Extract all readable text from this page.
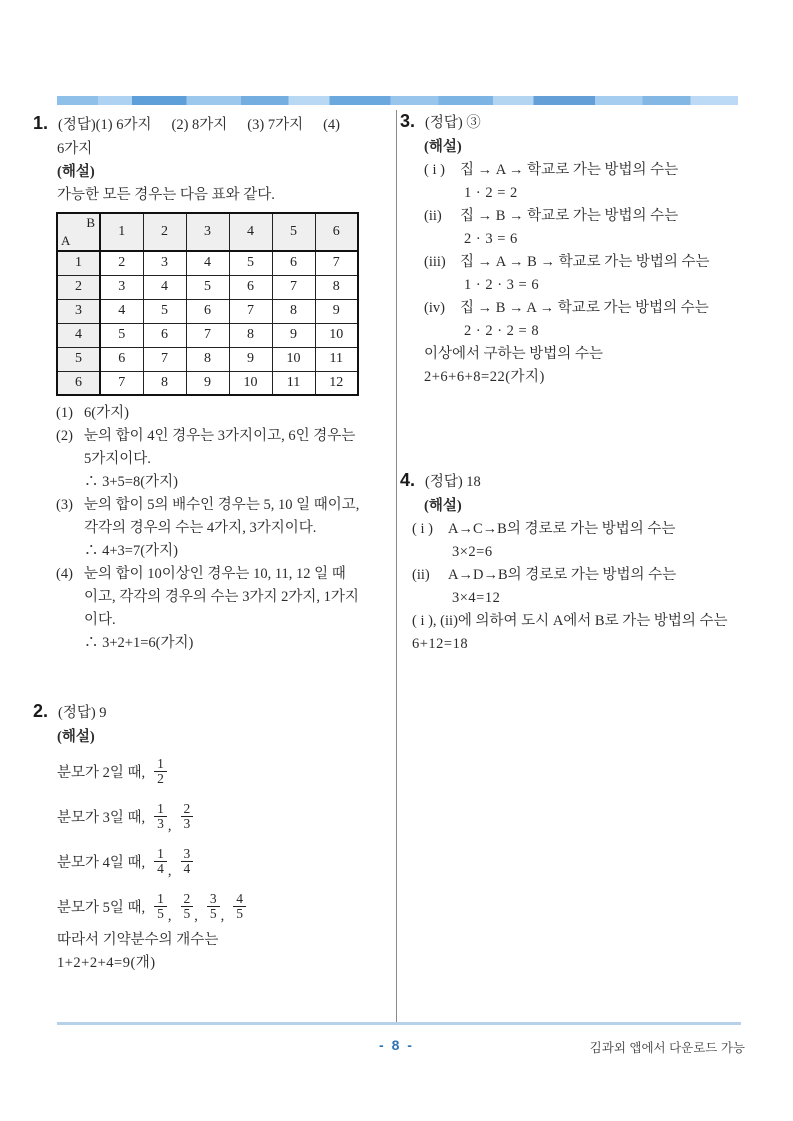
1. (정답)(1) 6가지 (2) 8가지 (3) 7가지 (4)
6가지
(해설)
가능한 모든 경우는 다음 표와 같다.
B
A	1	2	3	4	5	6
1	2	3	4	5	6	7
2	3	4	5	6	7	8
3	4	5	6	7	8	9
4	5	6	7	8	9	10
5	6	7	8	9	10	11
6	7	8	9	10	11	12
(1) 6(가지)
(2) 눈의 합이 4인 경우는 3가지이고, 6인 경우는
5가지이다.
∴ 3+5=8(가지)
(3) 눈의 합이 5의 배수인 경우는 5, 10 일 때이고,
각각의 경우의 수는 4가지, 3가지이다.
∴ 4+3=7(가지)
(4) 눈의 합이 10이상인 경우는 10, 11, 12 일 때
이고, 각각의 경우의 수는 3가지 2가지, 1가지
이다.
∴ 3+2+1=6(가지)
2. (정답) 9
(해설)
분모가 2일 때, $\frac{1}{2}$
분모가 3일 때, $\frac{1}{3}$ , $\frac{2}{3}$
분모가 4일 때, $\frac{1}{4}$ , $\frac{3}{4}$
분모가 5일 때, $\frac{1}{5}$ , $\frac{2}{5}$ , $\frac{3}{5}$ , $\frac{4}{5}$
따라서 기약분수의 개수는
1+2+2+4=9(개)
3. (정답) ③
(해설)
( i )	집 → A → 학교로 가는 방법의 수는
1 · 2 = 2
(ii)	집 → B → 학교로 가는 방법의 수는
2 · 3 = 6
(iii) 집 → A → B → 학교로 가는 방법의 수는
1 · 2 · 3 = 6
(iv)	집 → B → A → 학교로 가는 방법의 수는
2 · 2 · 2 = 8
이상에서 구하는 방법의 수는
2+6+6+8=22(가지)
4. (정답) 18
(해설)
( i )	A→C→B의 경로로 가는 방법의 수는
3×2=6
(ii)	A→D→B의 경로로 가는 방법의 수는
3×4=12
( i ), (ii)에 의하여 도시 A에서 B로 가는 방법의 수는
6+12=18
- 8 -	김과외 앱에서 다운로드 가능
